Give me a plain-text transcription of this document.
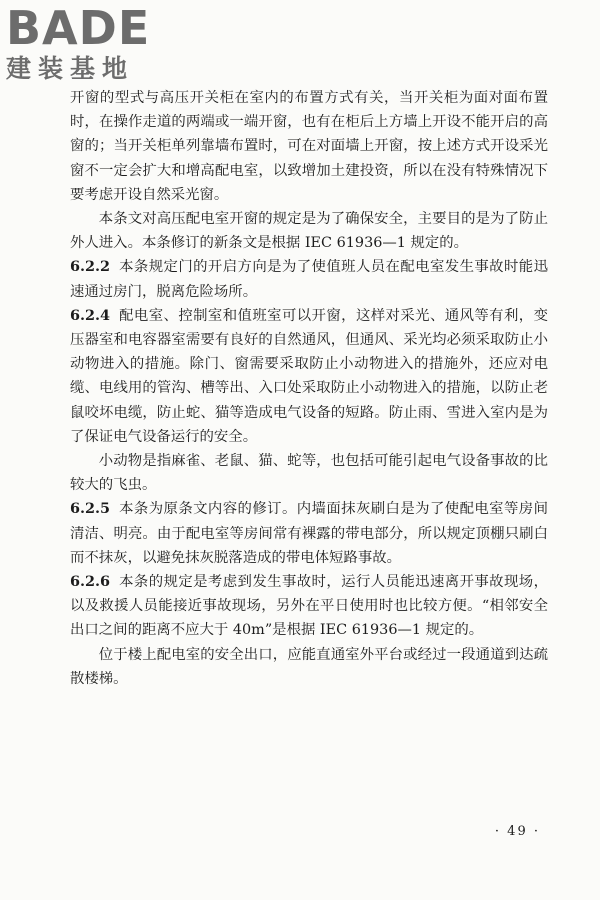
BADE
建装基地

开窗的型式与高压开关柜在室内的布置方式有关，当开关柜为面对面布置时，在操作走道的两端或一端开窗，也有在柜后上方墙上开设不能开启的高窗的；当开关柜单列靠墙布置时，可在对面墙上开窗，按上述方式开设采光窗不一定会扩大和增高配电室，以致增加土建投资，所以在没有特殊情况下要考虑开设自然采光窗。

本条文对高压配电室开窗的规定是为了确保安全，主要目的是为了防止外人进入。本条修订的新条文是根据 IEC 61936—1 规定的。

6.2.2 本条规定门的开启方向是为了使值班人员在配电室发生事故时能迅速通过房门，脱离危险场所。

6.2.4 配电室、控制室和值班室可以开窗，这样对采光、通风等有利，变压器室和电容器室需要有良好的自然通风，但通风、采光均必须采取防止小动物进入的措施。除门、窗需要采取防止小动物进入的措施外，还应对电缆、电线用的管沟、槽等出、入口处采取防止小动物进入的措施，以防止老鼠咬坏电缆，防止蛇、猫等造成电气设备的短路。防止雨、雪进入室内是为了保证电气设备运行的安全。

小动物是指麻雀、老鼠、猫、蛇等，也包括可能引起电气设备事故的比较大的飞虫。

6.2.5 本条为原条文内容的修订。内墙面抹灰刷白是为了使配电室等房间清洁、明亮。由于配电室等房间常有裸露的带电部分，所以规定顶棚只刷白而不抹灰，以避免抹灰脱落造成的带电体短路事故。

6.2.6 本条的规定是考虑到发生事故时，运行人员能迅速离开事故现场，以及救援人员能接近事故现场，另外在平日使用时也比较方便。“相邻安全出口之间的距离不应大于 40m”是根据 IEC 61936—1 规定的。

位于楼上配电室的安全出口，应能直通室外平台或经过一段通道到达疏散楼梯。

· 49 ·
